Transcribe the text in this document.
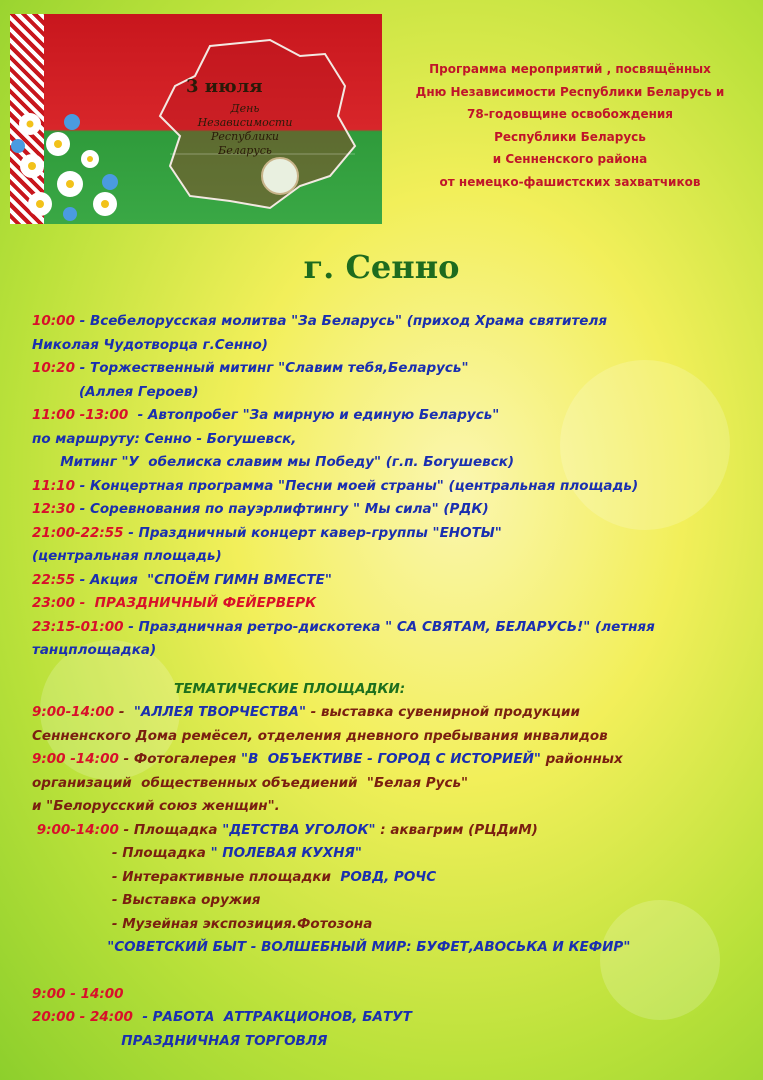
3 июля
День
Независимости
Республики
Беларусь
Программа мероприятий , посвящённых
Дню Независимости Республики Беларусь и
78-годовщине освобождения
Республики Беларусь
и Сенненского района
от немецко-фашистских захватчиков
г. Сенно
10:00 - Всебелорусская молитва "За Беларусь" (приход Храма святителя
Николая Чудотворца г.Сенно)
10:20 - Торжественный митинг "Славим тебя,Беларусь"
(Аллея Героев)
11:00 -13:00  - Автопробег "За мирную и единую Беларусь"
по маршруту: Сенно - Богушевск,
Митинг "У  обелиска славим мы Победу" (г.п. Богушевск)
11:10 - Концертная программа "Песни моей страны" (центральная площадь)
12:30 - Соревнования по пауэрлифтингу " Мы сила" (РДК)
21:00-22:55 - Праздничный концерт кавер-группы "ЕНОТЫ"
(центральная площадь)
22:55 - Акция  "СПОЁМ ГИМН ВМЕСТЕ"
23:00 -  ПРАЗДНИЧНЫЙ ФЕЙЕРВЕРК
23:15-01:00 - Праздничная ретро-дискотека " СА СВЯТАМ, БЕЛАРУСЬ!" (летняя
танцплощадка)
ТЕМАТИЧЕСКИЕ ПЛОЩАДКИ:
9:00-14:00 -  "АЛЛЕЯ ТВОРЧЕСТВА" - выставка сувенирной продукции
Сенненского Дома ремёсел, отделения дневного пребывания инвалидов
9:00 -14:00 - Фотогалерея "В  ОБЪЕКТИВЕ - ГОРОД С ИСТОРИЕЙ" районных
организаций  общественных объедиений  "Белая Русь"
и "Белорусский союз женщин".
9:00-14:00 - Площадка "ДЕТСТВА УГОЛОК" : аквагрим (РЦДиМ)
- Площадка " ПОЛЕВАЯ КУХНЯ"
- Интерактивные площадки  РОВД, РОЧС
- Выставка оружия
- Музейная экспозиция.Фотозона
"СОВЕТСКИЙ БЫТ - ВОЛШЕБНЫЙ МИР: БУФЕТ,АВОСЬКА И КЕФИР"
9:00 - 14:00
20:00 - 24:00  - РАБОТА  АТТРАКЦИОНОВ, БАТУТ
ПРАЗДНИЧНАЯ ТОРГОВЛЯ
